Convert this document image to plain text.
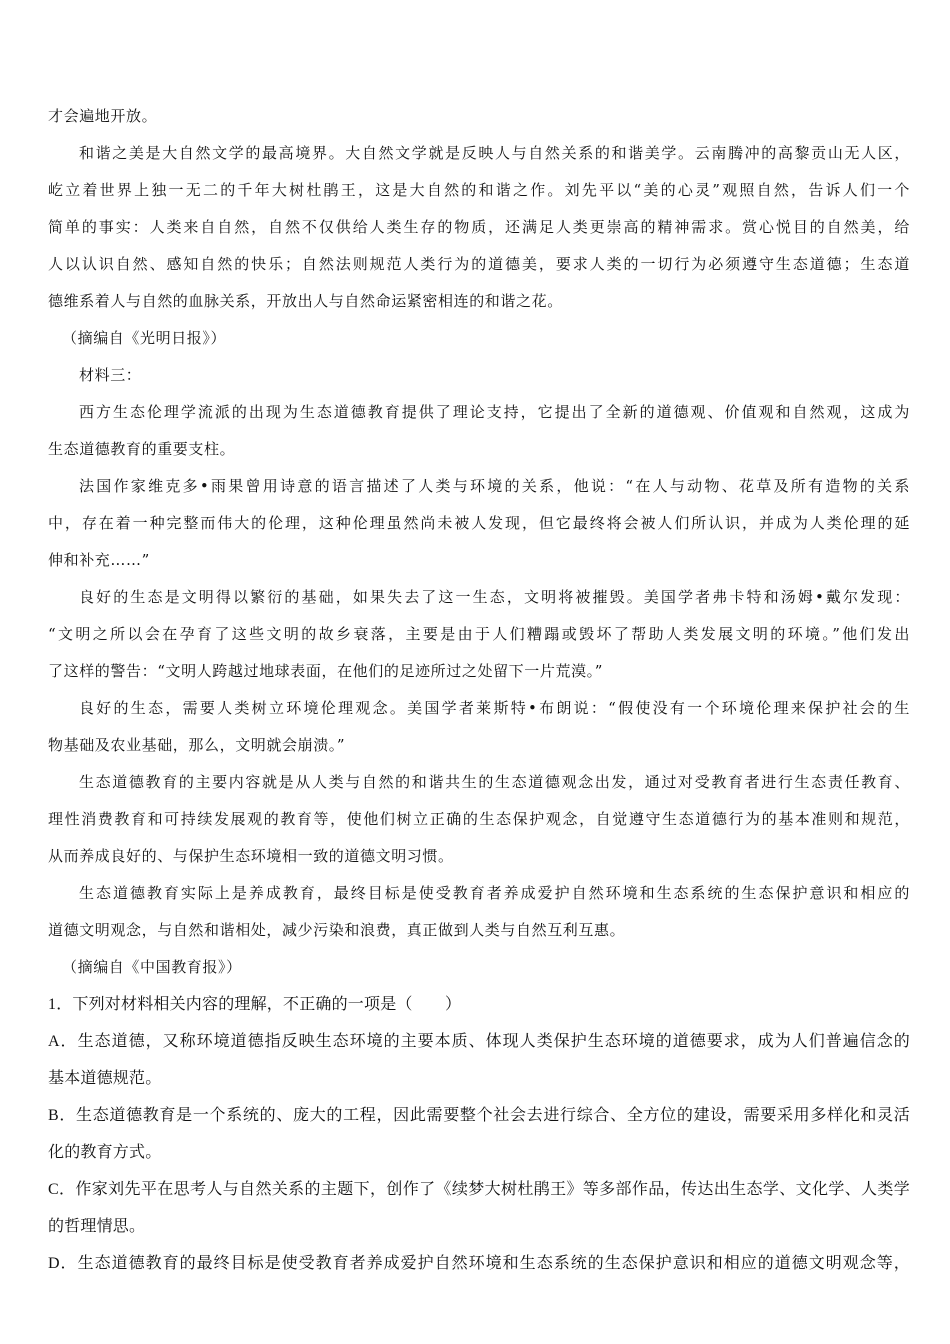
才会遍地开放。
和谐之美是大自然文学的最高境界。大自然文学就是反映人与自然关系的和谐美学。云南腾冲的高黎贡山无人区，
屹立着世界上独一无二的千年大树杜鹃王，这是大自然的和谐之作。刘先平以“美的心灵”观照自然，告诉人们一个
简单的事实：人类来自自然，自然不仅供给人类生存的物质，还满足人类更崇高的精神需求。赏心悦目的自然美，给
人以认识自然、感知自然的快乐；自然法则规范人类行为的道德美，要求人类的一切行为必须遵守生态道德；生态道
德维系着人与自然的血脉关系，开放出人与自然命运紧密相连的和谐之花。
（摘编自《光明日报》）
材料三：
西方生态伦理学流派的出现为生态道德教育提供了理论支持，它提出了全新的道德观、价值观和自然观，这成为
生态道德教育的重要支柱。
法国作家维克多•雨果曾用诗意的语言描述了人类与环境的关系，他说：“在人与动物、花草及所有造物的关系
中，存在着一种完整而伟大的伦理，这种伦理虽然尚未被人发现，但它最终将会被人们所认识，并成为人类伦理的延
伸和补充……”
良好的生态是文明得以繁衍的基础，如果失去了这一生态，文明将被摧毁。美国学者弗卡特和汤姆•戴尔发现：
“文明之所以会在孕育了这些文明的故乡衰落，主要是由于人们糟蹋或毁坏了帮助人类发展文明的环境。”他们发出
了这样的警告：“文明人跨越过地球表面，在他们的足迹所过之处留下一片荒漠。”
良好的生态，需要人类树立环境伦理观念。美国学者莱斯特•布朗说：“假使没有一个环境伦理来保护社会的生
物基础及农业基础，那么，文明就会崩溃。”
生态道德教育的主要内容就是从人类与自然的和谐共生的生态道德观念出发，通过对受教育者进行生态责任教育、
理性消费教育和可持续发展观的教育等，使他们树立正确的生态保护观念，自觉遵守生态道德行为的基本准则和规范，
从而养成良好的、与保护生态环境相一致的道德文明习惯。
生态道德教育实际上是养成教育，最终目标是使受教育者养成爱护自然环境和生态系统的生态保护意识和相应的
道德文明观念，与自然和谐相处，减少污染和浪费，真正做到人类与自然互利互惠。
（摘编自《中国教育报》）
1．下列对材料相关内容的理解，不正确的一项是（　　）
A．生态道德，又称环境道德指反映生态环境的主要本质、体现人类保护生态环境的道德要求，成为人们普遍信念的
基本道德规范。
B．生态道德教育是一个系统的、庞大的工程，因此需要整个社会去进行综合、全方位的建设，需要采用多样化和灵活
化的教育方式。
C．作家刘先平在思考人与自然关系的主题下，创作了《续梦大树杜鹃王》等多部作品，传达出生态学、文化学、人类学
的哲理情思。
D．生态道德教育的最终目标是使受教育者养成爱护自然环境和生态系统的生态保护意识和相应的道德文明观念等，
